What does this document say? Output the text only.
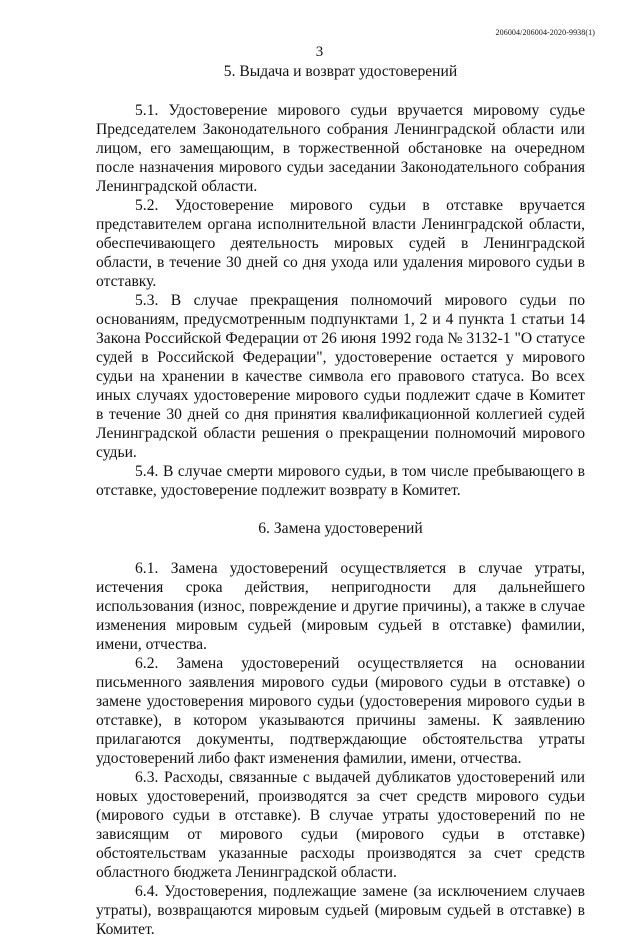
206004/206004-2020-9938(1)
3
5. Выдача и возврат удостоверений

5.1. Удостоверение мирового судьи вручается мировому судье Председателем Законодательного собрания Ленинградской области или лицом, его замещающим, в торжественной обстановке на очередном после назначения мирового судьи заседании Законодательного собрания Ленинградской области.

5.2. Удостоверение мирового судьи в отставке вручается представителем органа исполнительной власти Ленинградской области, обеспечивающего деятельность мировых судей в Ленинградской области, в течение 30 дней со дня ухода или удаления мирового судьи в отставку.

5.3. В случае прекращения полномочий мирового судьи по основаниям, предусмотренным подпунктами 1, 2 и 4 пункта 1 статьи 14 Закона Российской Федерации от 26 июня 1992 года № 3132-1 "О статусе судей в Российской Федерации", удостоверение остается у мирового судьи на хранении в качестве символа его правового статуса. Во всех иных случаях удостоверение мирового судьи подлежит сдаче в Комитет в течение 30 дней со дня принятия квалификационной коллегией судей Ленинградской области решения о прекращении полномочий мирового судьи.

5.4. В случае смерти мирового судьи, в том числе пребывающего в отставке, удостоверение подлежит возврату в Комитет.

6. Замена удостоверений

6.1. Замена удостоверений осуществляется в случае утраты, истечения срока действия, непригодности для дальнейшего использования (износ, повреждение и другие причины), а также в случае изменения мировым судьей (мировым судьей в отставке) фамилии, имени, отчества.

6.2. Замена удостоверений осуществляется на основании письменного заявления мирового судьи (мирового судьи в отставке) о замене удостоверения мирового судьи (удостоверения мирового судьи в отставке), в котором указываются причины замены. К заявлению прилагаются документы, подтверждающие обстоятельства утраты удостоверений либо факт изменения фамилии, имени, отчества.

6.3. Расходы, связанные с выдачей дубликатов удостоверений или новых удостоверений, производятся за счет средств мирового судьи (мирового судьи в отставке). В случае утраты удостоверений по не зависящим от мирового судьи (мирового судьи в отставке) обстоятельствам указанные расходы производятся за счет средств областного бюджета Ленинградской области.

6.4. Удостоверения, подлежащие замене (за исключением случаев утраты), возвращаются мировым судьей (мировым судьей в отставке) в Комитет.
